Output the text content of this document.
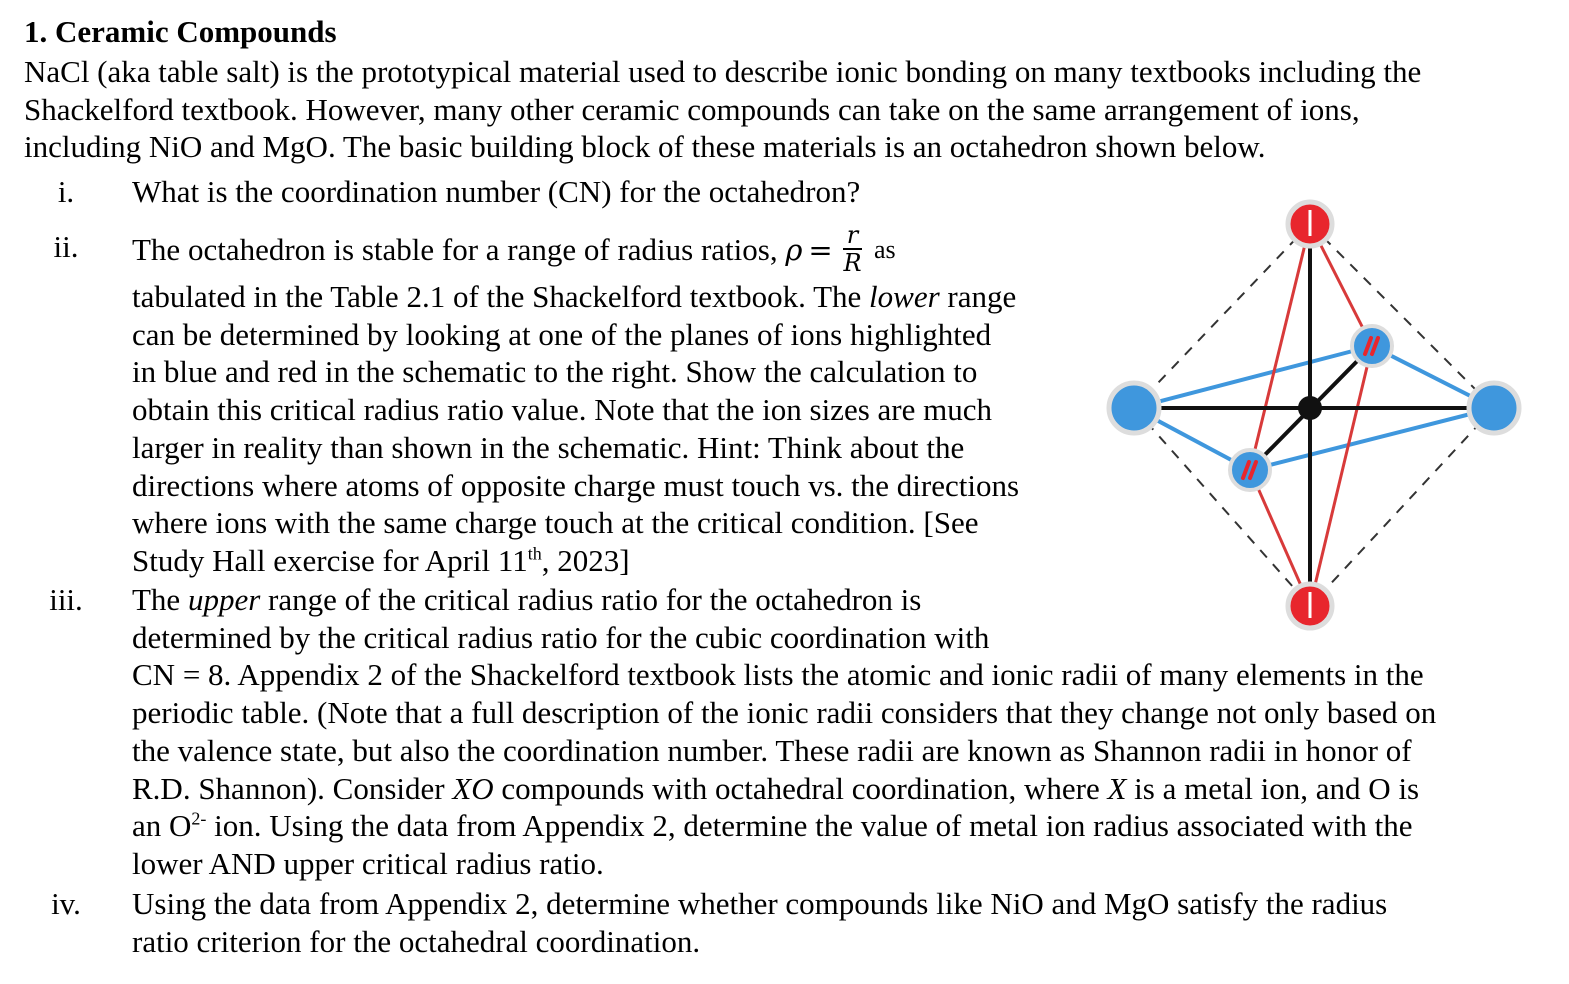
1. Ceramic Compounds
NaCl (aka table salt) is the prototypical material used to describe ionic bonding on many textbooks including the
Shackelford textbook. However, many other ceramic compounds can take on the same arrangement of ions,
including NiO and MgO. The basic building block of these materials is an octahedron shown below.
i.	What is the coordination number (CN) for the octahedron?
ii.	The octahedron is stable for a range of radius ratios, $\rho = \frac{r}{R}$ as
tabulated in the Table 2.1 of the Shackelford textbook. The lower range
can be determined by looking at one of the planes of ions highlighted
in blue and red in the schematic to the right. Show the calculation to
obtain this critical radius ratio value. Note that the ion sizes are much
larger in reality than shown in the schematic. Hint: Think about the
directions where atoms of opposite charge must touch vs. the directions
where ions with the same charge touch at the critical condition. [See
Study Hall exercise for April 11th, 2023]
iii.	The upper range of the critical radius ratio for the octahedron is
determined by the critical radius ratio for the cubic coordination with
CN = 8. Appendix 2 of the Shackelford textbook lists the atomic and ionic radii of many elements in the
periodic table. (Note that a full description of the ionic radii considers that they change not only based on
the valence state, but also the coordination number. These radii are known as Shannon radii in honor of
R.D. Shannon). Consider XO compounds with octahedral coordination, where X is a metal ion, and O is
an $O^{2-}$ ion. Using the data from Appendix 2, determine the value of metal ion radius associated with the
lower AND upper critical radius ratio.
iv.	Using the data from Appendix 2, determine whether compounds like NiO and MgO satisfy the radius
ratio criterion for the octahedral coordination.
